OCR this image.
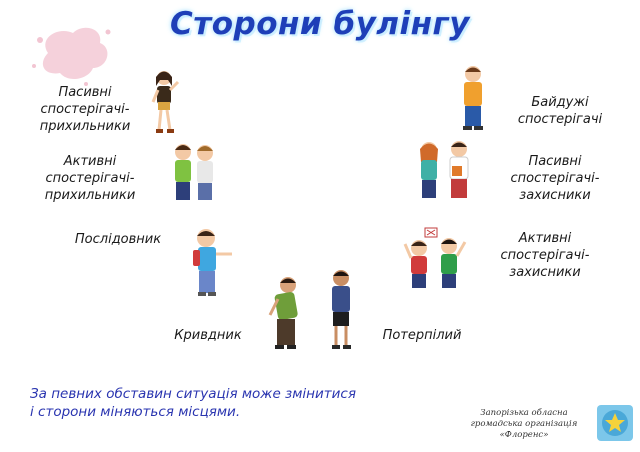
Сторони булінгу
Пасивні
спостерігачі-
прихильники
Активні
спостерігачі-
прихильники
Послідовник
Кривдник	Потерпілий
Байдужі
спостерігачі
Пасивні
спостерігачі-
захисники
Активні
спостерігачі-
захисники
За певних обставин ситуація може змінитися
і сторони міняються місцями.	Запорізька обласна
громадська організація
«Флоренс»
